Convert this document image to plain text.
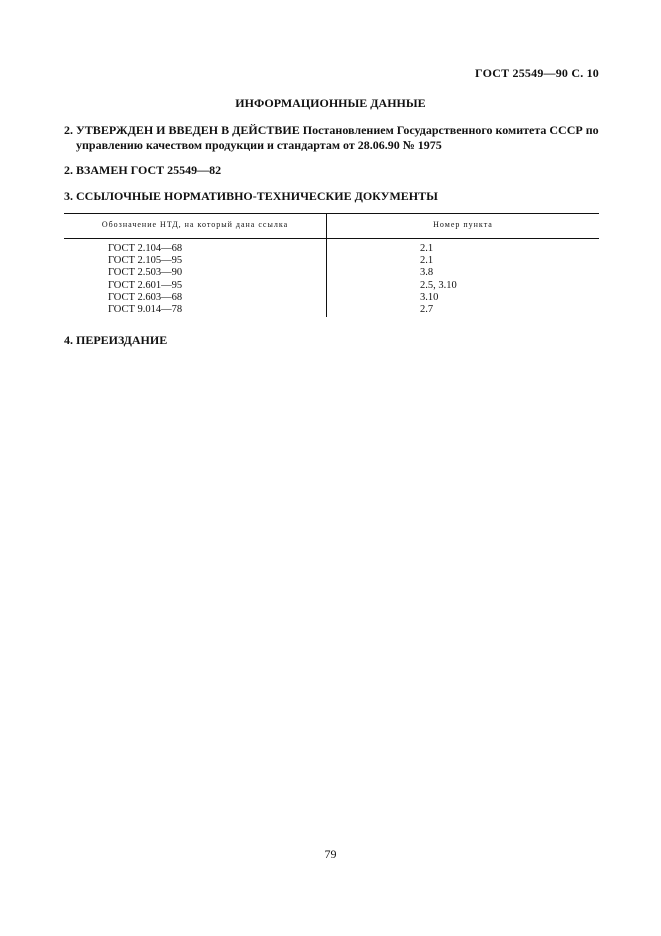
ГОСТ 25549—90 С. 10
ИНФОРМАЦИОННЫЕ ДАННЫЕ
2. УТВЕРЖДЕН И ВВЕДЕН В ДЕЙСТВИЕ Постановлением Государственного комитета СССР по
управлению качеством продукции и стандартам от 28.06.90 № 1975
2. ВЗАМЕН ГОСТ 25549—82
3. ССЫЛОЧНЫЕ НОРМАТИВНО-ТЕХНИЧЕСКИЕ ДОКУМЕНТЫ
Обозначение НТД, на который дана ссылка	Номер пункта
ГОСТ 2.104—68
ГОСТ 2.105—95
ГОСТ 2.503—90
ГОСТ 2.601—95
ГОСТ 2.603—68
ГОСТ 9.014—78
2.1
2.1
3.8
2.5, 3.10
3.10
2.7
4. ПЕРЕИЗДАНИЕ
79
